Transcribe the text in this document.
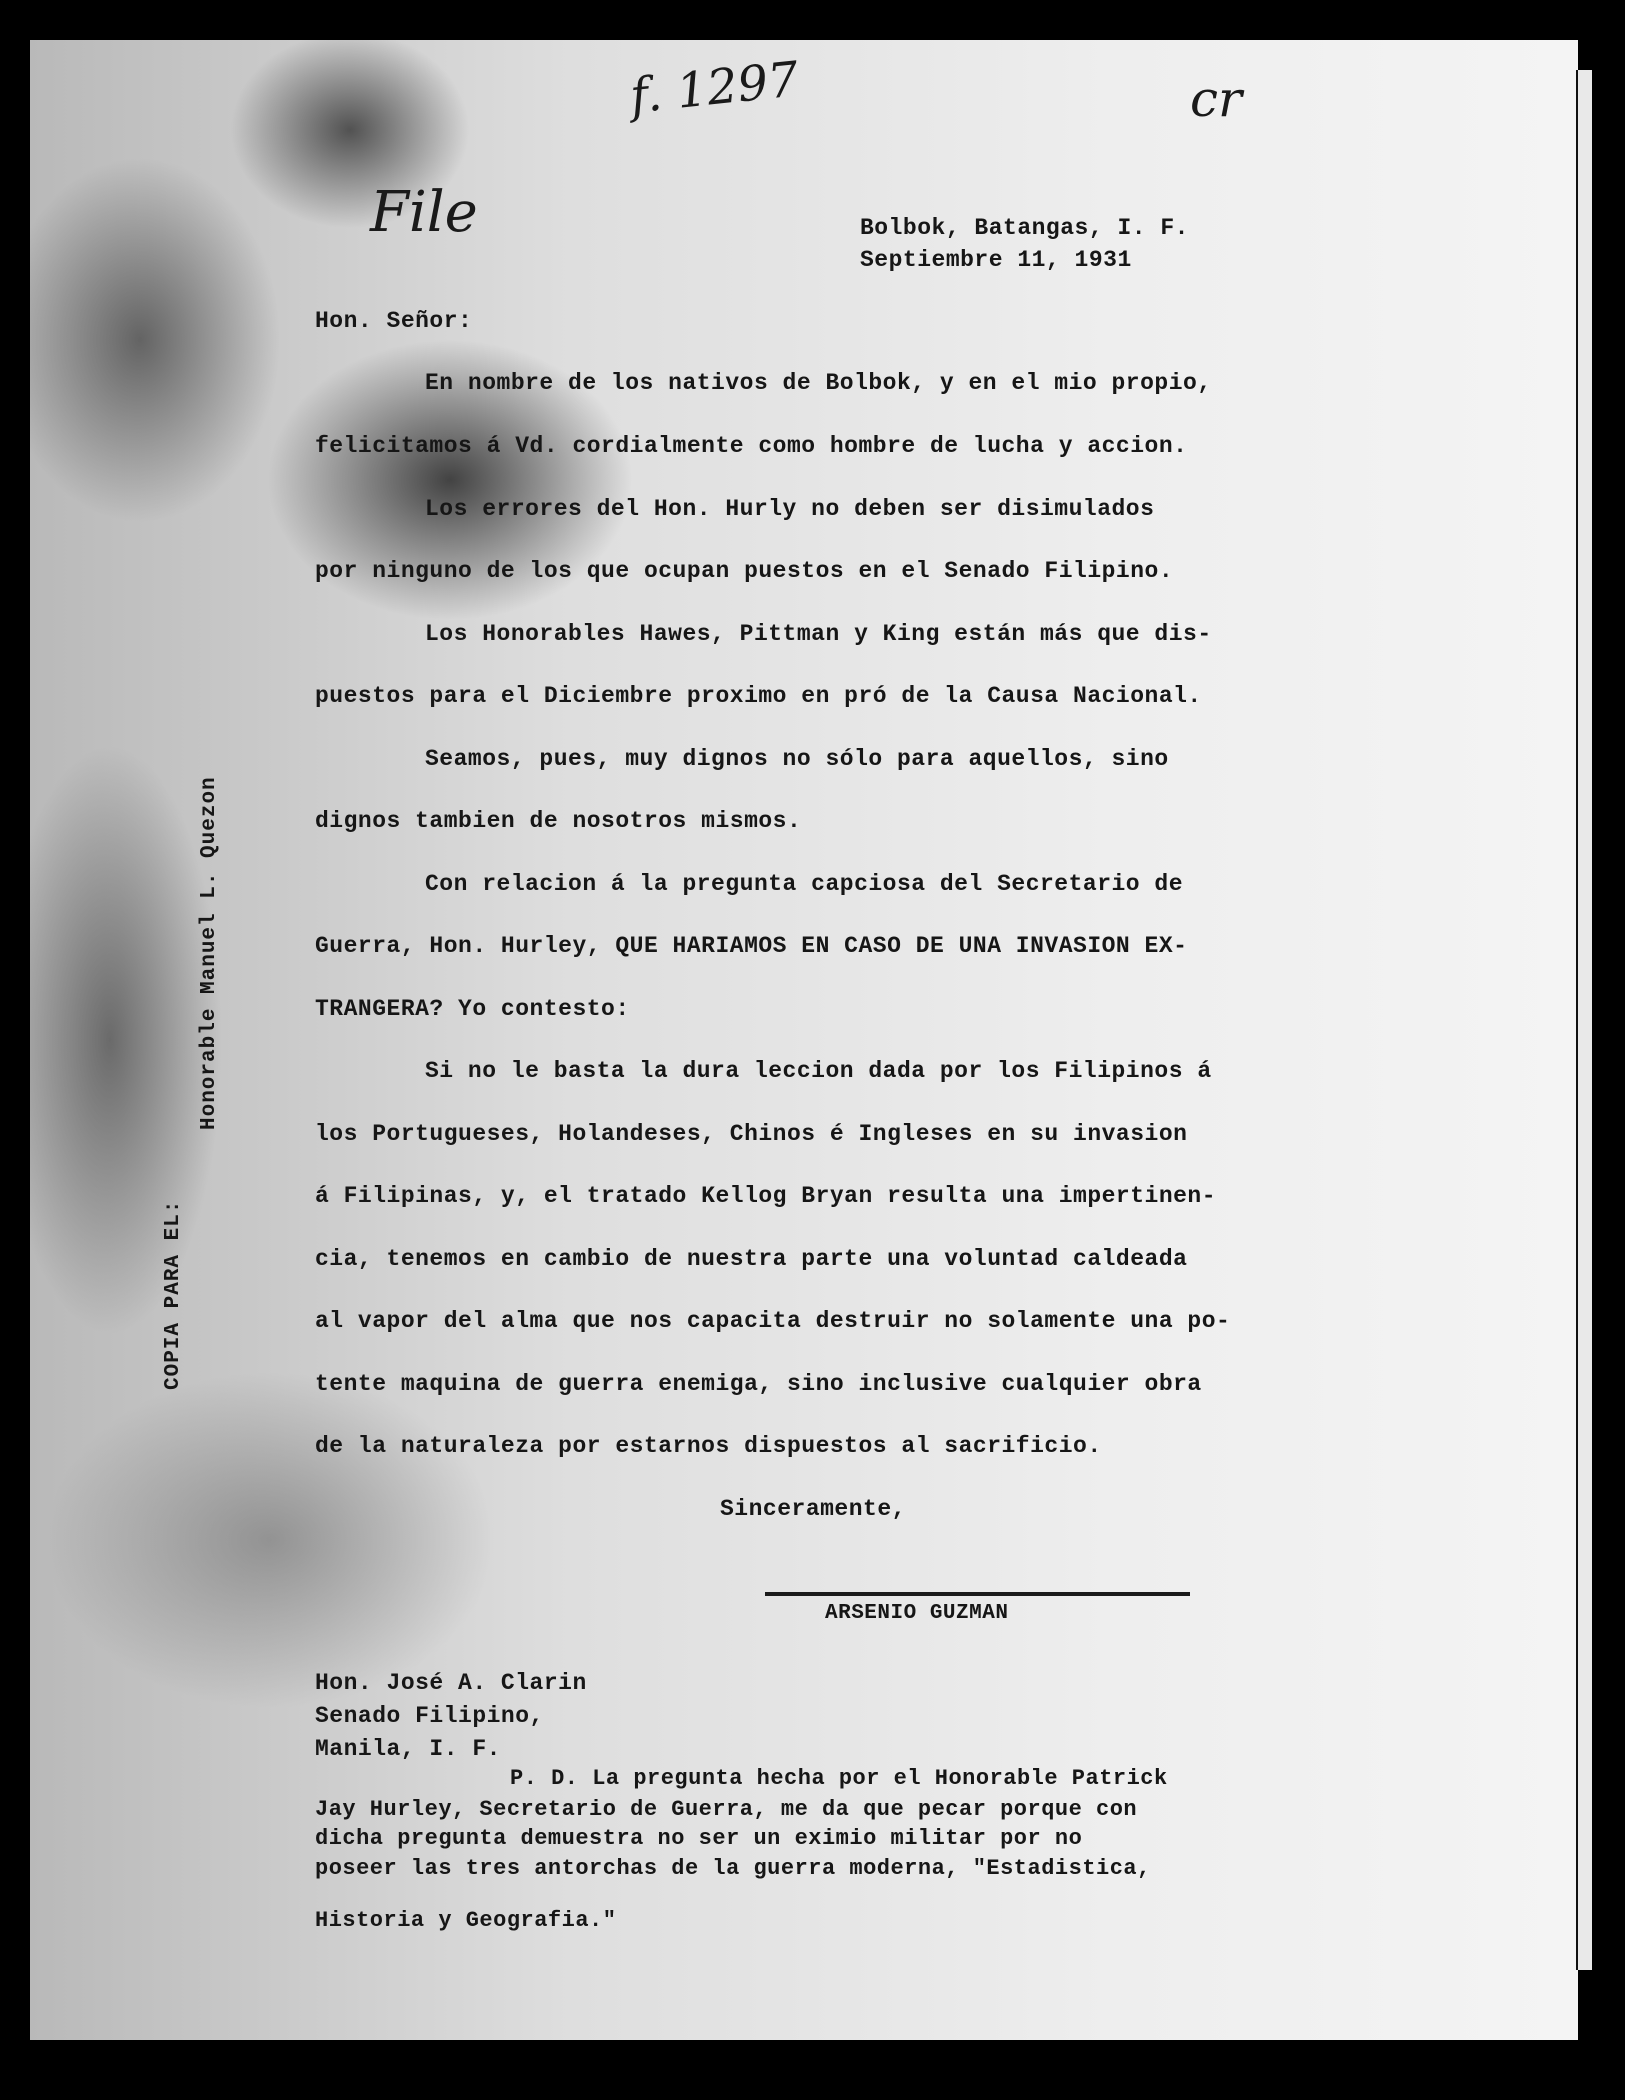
f. 1297	cr
File
COPIA PARA EL:
Honorable Manuel L. Quezon
Bolbok, Batangas, I. F.
Septiembre 11, 1931
Hon. Señor:
En nombre de los nativos de Bolbok, y en el mio propio,
felicitamos á Vd. cordialmente como hombre de lucha y accion.
Los errores del Hon. Hurly no deben ser disimulados
por ninguno de los que ocupan puestos en el Senado Filipino.
Los Honorables Hawes, Pittman y King están más que dis-
puestos para el Diciembre proximo en pró de la Causa Nacional.
Seamos, pues, muy dignos no sólo para aquellos, sino
dignos tambien de nosotros mismos.
Con relacion á la pregunta capciosa del Secretario de
Guerra, Hon. Hurley, QUE HARIAMOS EN CASO DE UNA INVASION EX-
TRANGERA? Yo contesto:
Si no le basta la dura leccion dada por los Filipinos á
los Portugueses, Holandeses, Chinos é Ingleses en su invasion
á Filipinas, y, el tratado Kellog Bryan resulta una impertinen-
cia, tenemos en cambio de nuestra parte una voluntad caldeada
al vapor del alma que nos capacita destruir no solamente una po-
tente maquina de guerra enemiga, sino inclusive cualquier obra
de la naturaleza por estarnos dispuestos al sacrificio.
Sinceramente,
ARSENIO GUZMAN
Hon. José A. Clarin
Senado Filipino,
Manila, I. F.
P. D. La pregunta hecha por el Honorable Patrick
Jay Hurley, Secretario de Guerra, me da que pecar porque con
dicha pregunta demuestra no ser un eximio militar por no
poseer las tres antorchas de la guerra moderna, "Estadistica,
Historia y Geografia."
